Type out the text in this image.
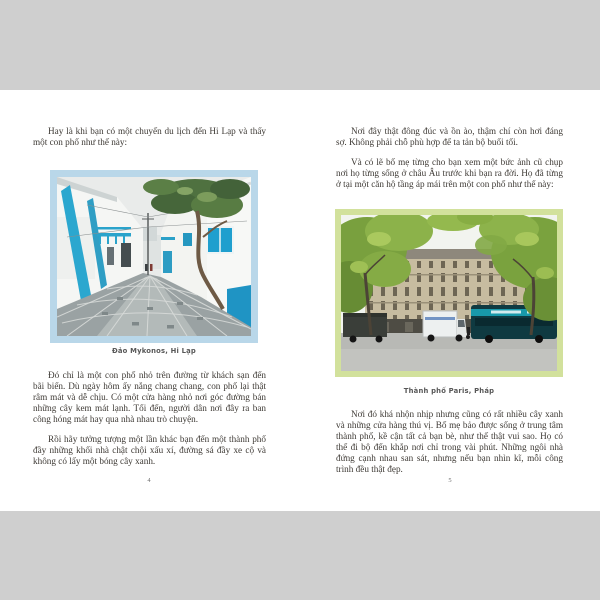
Hay là khi bạn có một chuyến du lịch đến Hi Lạp và thấy một con phố như thế này:
Đảo Mykonos, Hi Lạp
Đó chỉ là một con phố nhỏ trên đường từ khách sạn đến bãi biển. Dù ngày hôm ấy nắng chang chang, con phố lại thật râm mát và dễ chịu. Có một cửa hàng nhỏ nơi góc đường bán những cây kem mát lạnh. Tối đến, người dân nơi đây ra ban công hóng mát hay qua nhà nhau trò chuyện.
Rồi hãy tưởng tượng một lần khác bạn đến một thành phố đầy những khối nhà chật chội xấu xí, đường sá đầy xe cộ và không có lấy một bóng cây xanh.
4
Nơi đây thật đông đúc và ồn ào, thậm chí còn hơi đáng sợ. Không phải chỗ phù hợp để ta tản bộ buổi tối.
Và có lẽ bố mẹ từng cho bạn xem một bức ảnh cũ chụp nơi họ từng sống ở châu Âu trước khi bạn ra đời. Họ đã từng ở tại một căn hộ tầng áp mái trên một con phố như thế này:
Thành phố Paris, Pháp
Nơi đó khá nhộn nhịp nhưng cũng có rất nhiều cây xanh và những cửa hàng thú vị. Bố mẹ bảo được sống ở trung tâm thành phố, kề cận tất cả bạn bè, như thế thật vui sao. Họ có thể đi bộ đến khắp nơi chỉ trong vài phút. Những ngôi nhà đứng cạnh nhau san sát, nhưng nếu bạn nhìn kĩ, mỗi công trình đều thật đẹp.
5
